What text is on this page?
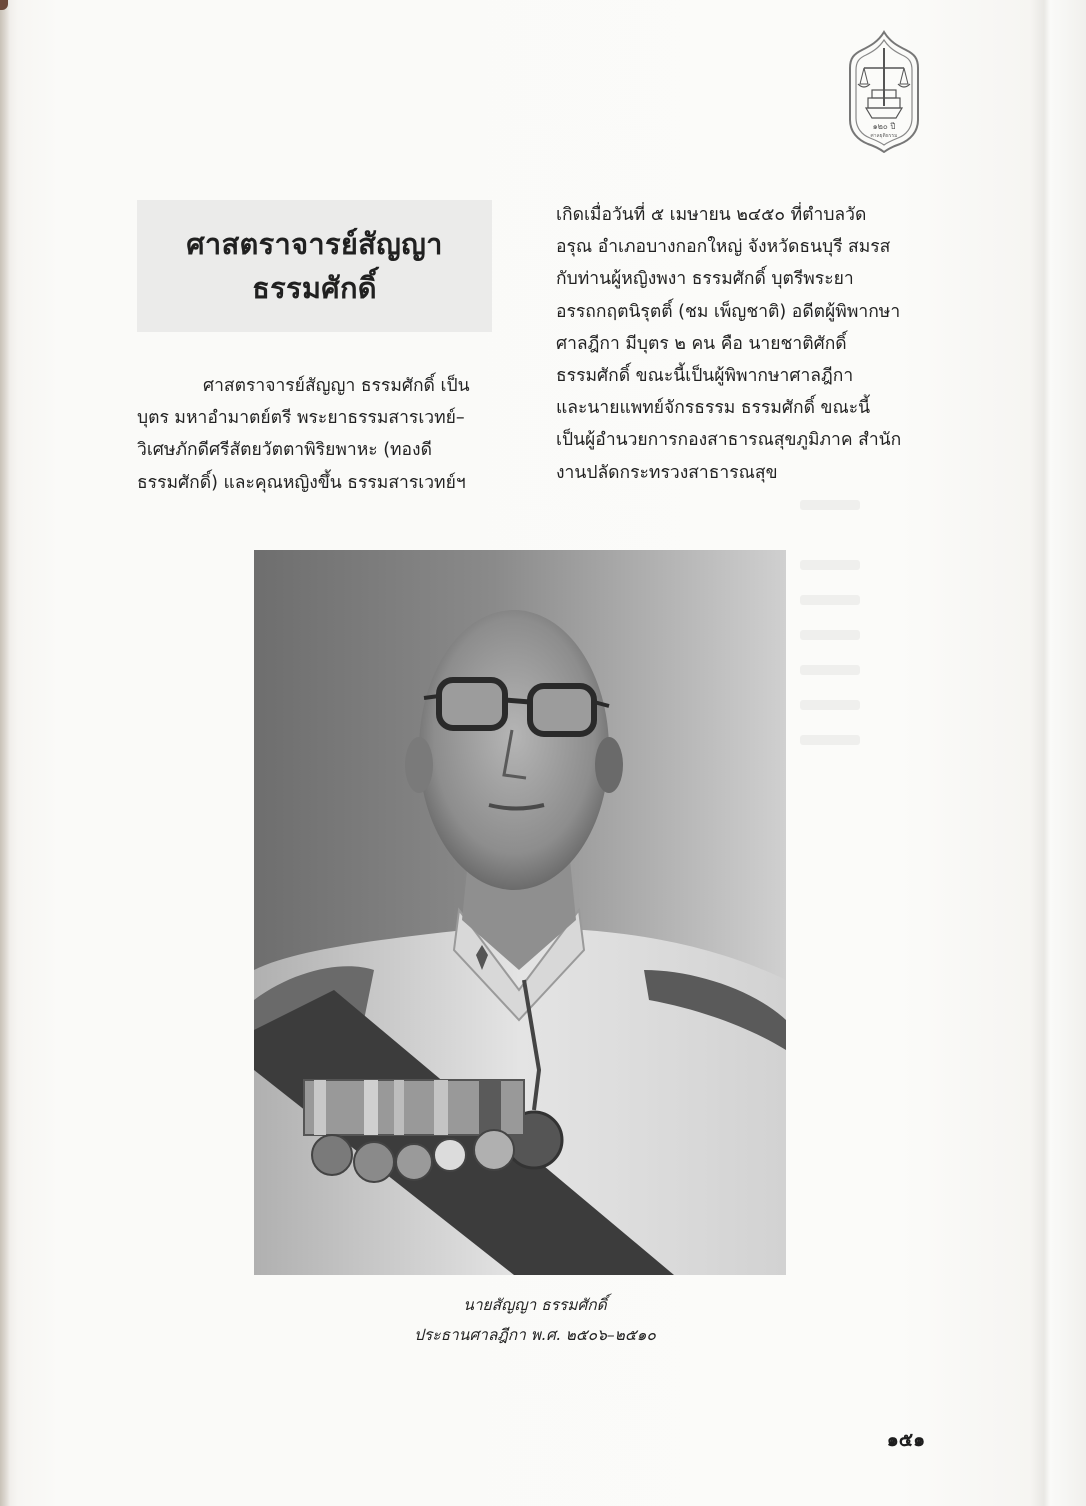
๑๒๐ ปี
ศาลยุติธรรม
ศาสตราจารย์สัญญา
ธรรมศักดิ์
ศาสตราจารย์สัญญา ธรรมศักดิ์ เป็น
บุตร มหาอำมาตย์ตรี พระยาธรรมสารเวทย์–
วิเศษภักดีศรีสัตยวัตตาพิริยพาหะ (ทองดี
ธรรมศักดิ์) และคุณหญิงขึ้น ธรรมสารเวทย์ฯ
เกิดเมื่อวันที่ ๕ เมษายน ๒๔๕๐ ที่ตำบลวัด
อรุณ อำเภอบางกอกใหญ่ จังหวัดธนบุรี สมรส
กับท่านผู้หญิงพงา ธรรมศักดิ์ บุตรีพระยา
อรรถกฤตนิรุตติ์ (ชม เพ็ญชาติ) อดีตผู้พิพากษา
ศาลฎีกา มีบุตร ๒ คน คือ นายชาติศักดิ์
ธรรมศักดิ์ ขณะนี้เป็นผู้พิพากษาศาลฎีกา
และนายแพทย์จักรธรรม ธรรมศักดิ์ ขณะนี้
เป็นผู้อำนวยการกองสาธารณสุขภูมิภาค สำนัก
งานปลัดกระทรวงสาธารณสุข
นายสัญญา ธรรมศักดิ์
ประธานศาลฎีกา พ.ศ. ๒๕๐๖–๒๕๑๐
๑๕๑
